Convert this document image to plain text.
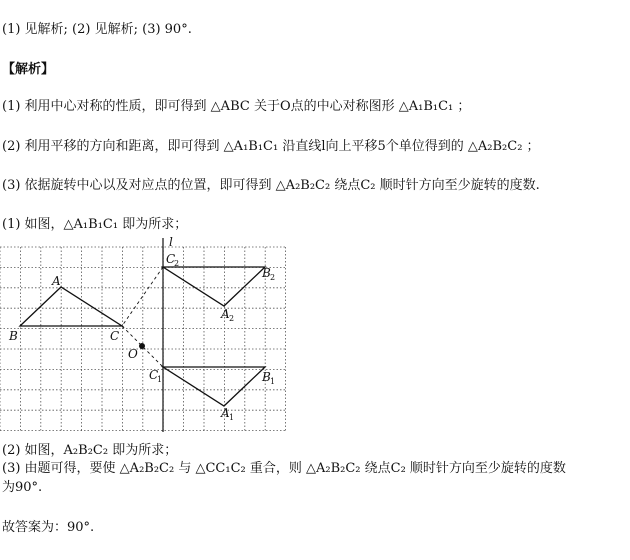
(1) 见解析; (2) 见解析; (3) 90°.
【解析】
(1) 利用中心对称的性质，即可得到 △ABC 关于O点的中心对称图形 △A₁B₁C₁ ；
(2) 利用平移的方向和距离，即可得到 △A₁B₁C₁ 沿直线l向上平移5个单位得到的 △A₂B₂C₂ ；
(3) 依据旋转中心以及对应点的位置，即可得到 △A₂B₂C₂ 绕点C₂ 顺时针方向至少旋转的度数.
(1) 如图，△A₁B₁C₁ 即为所求；
l
A
B	C
O
C
1	B 1
A 1
C
2
B 2
A 2
(2) 如图，A₂B₂C₂ 即为所求；
(3) 由题可得，要使 △A₂B₂C₂ 与 △CC₁C₂ 重合，则 △A₂B₂C₂ 绕点C₂ 顺时针方向至少旋转的度数
为90°.
故答案为：90°.
